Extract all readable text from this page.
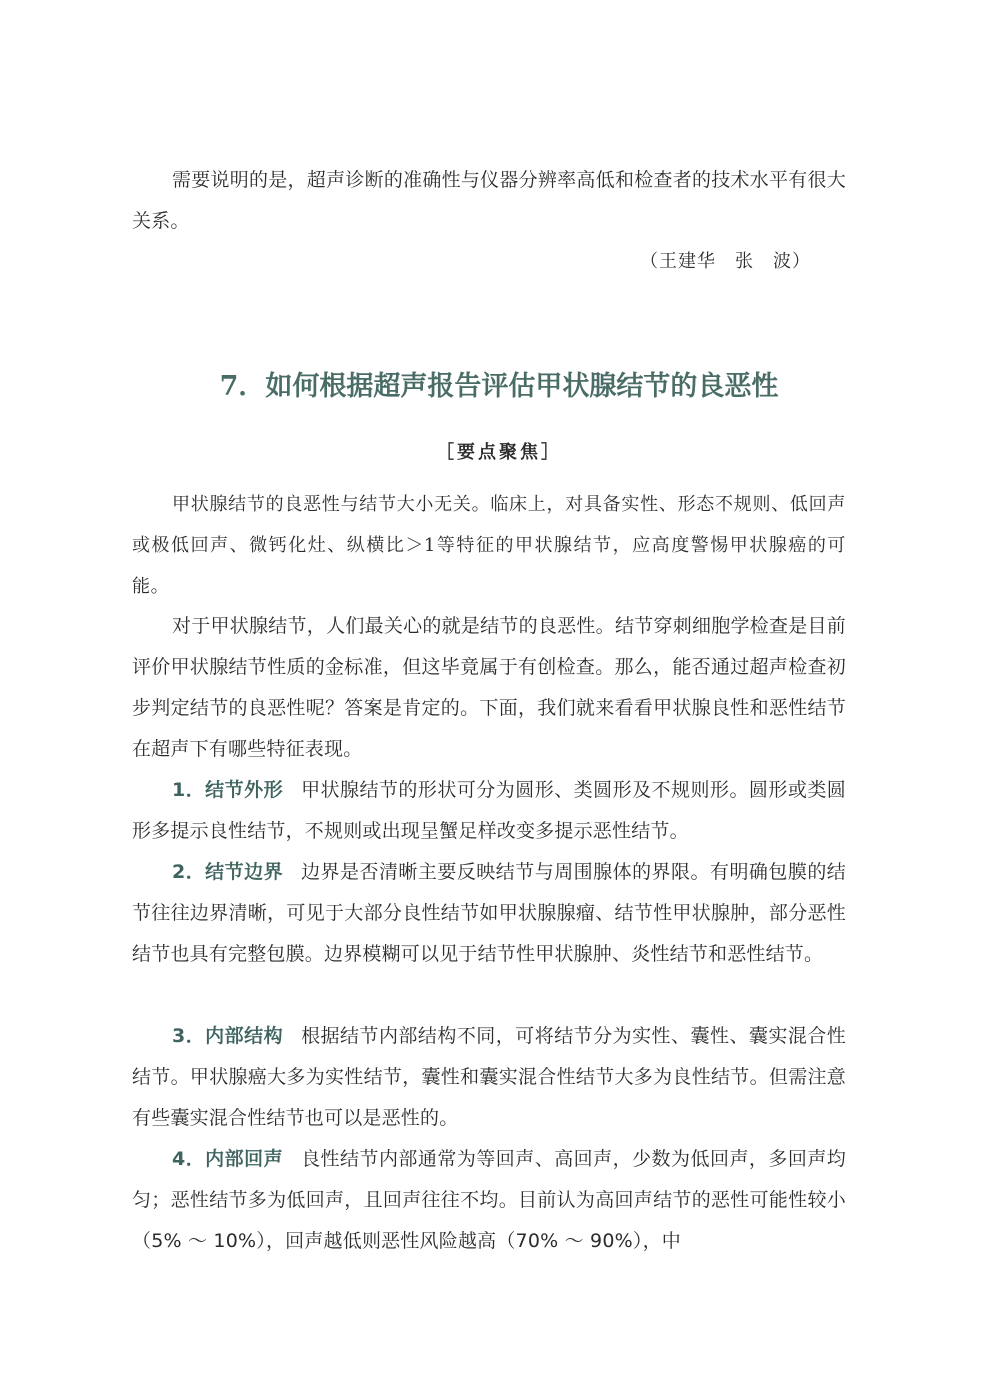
需要说明的是，超声诊断的准确性与仪器分辨率高低和检查者的技术水平有很大关系。

（王建华　张　波）
7．如何根据超声报告评估甲状腺结节的良恶性
［要点聚焦］

甲状腺结节的良恶性与结节大小无关。临床上，对具备实性、形态不规则、低回声或极低回声、微钙化灶、纵横比＞1等特征的甲状腺结节，应高度警惕甲状腺癌的可能。

对于甲状腺结节，人们最关心的就是结节的良恶性。结节穿刺细胞学检查是目前评价甲状腺结节性质的金标准，但这毕竟属于有创检查。那么，能否通过超声检查初步判定结节的良恶性呢？答案是肯定的。下面，我们就来看看甲状腺良性和恶性结节在超声下有哪些特征表现。

1．结节外形 甲状腺结节的形状可分为圆形、类圆形及不规则形。圆形或类圆形多提示良性结节，不规则或出现呈蟹足样改变多提示恶性结节。

2．结节边界 边界是否清晰主要反映结节与周围腺体的界限。有明确包膜的结节往往边界清晰，可见于大部分良性结节如甲状腺腺瘤、结节性甲状腺肿，部分恶性结节也具有完整包膜。边界模糊可以见于结节性甲状腺肿、炎性结节和恶性结节。

3．内部结构 根据结节内部结构不同，可将结节分为实性、囊性、囊实混合性结节。甲状腺癌大多为实性结节，囊性和囊实混合性结节大多为良性结节。但需注意有些囊实混合性结节也可以是恶性的。

4．内部回声 良性结节内部通常为等回声、高回声，少数为低回声，多回声均匀；恶性结节多为低回声，且回声往往不均。目前认为高回声结节的恶性可能性较小（5% ～ 10%），回声越低则恶性风险越高（70% ～ 90%），中
